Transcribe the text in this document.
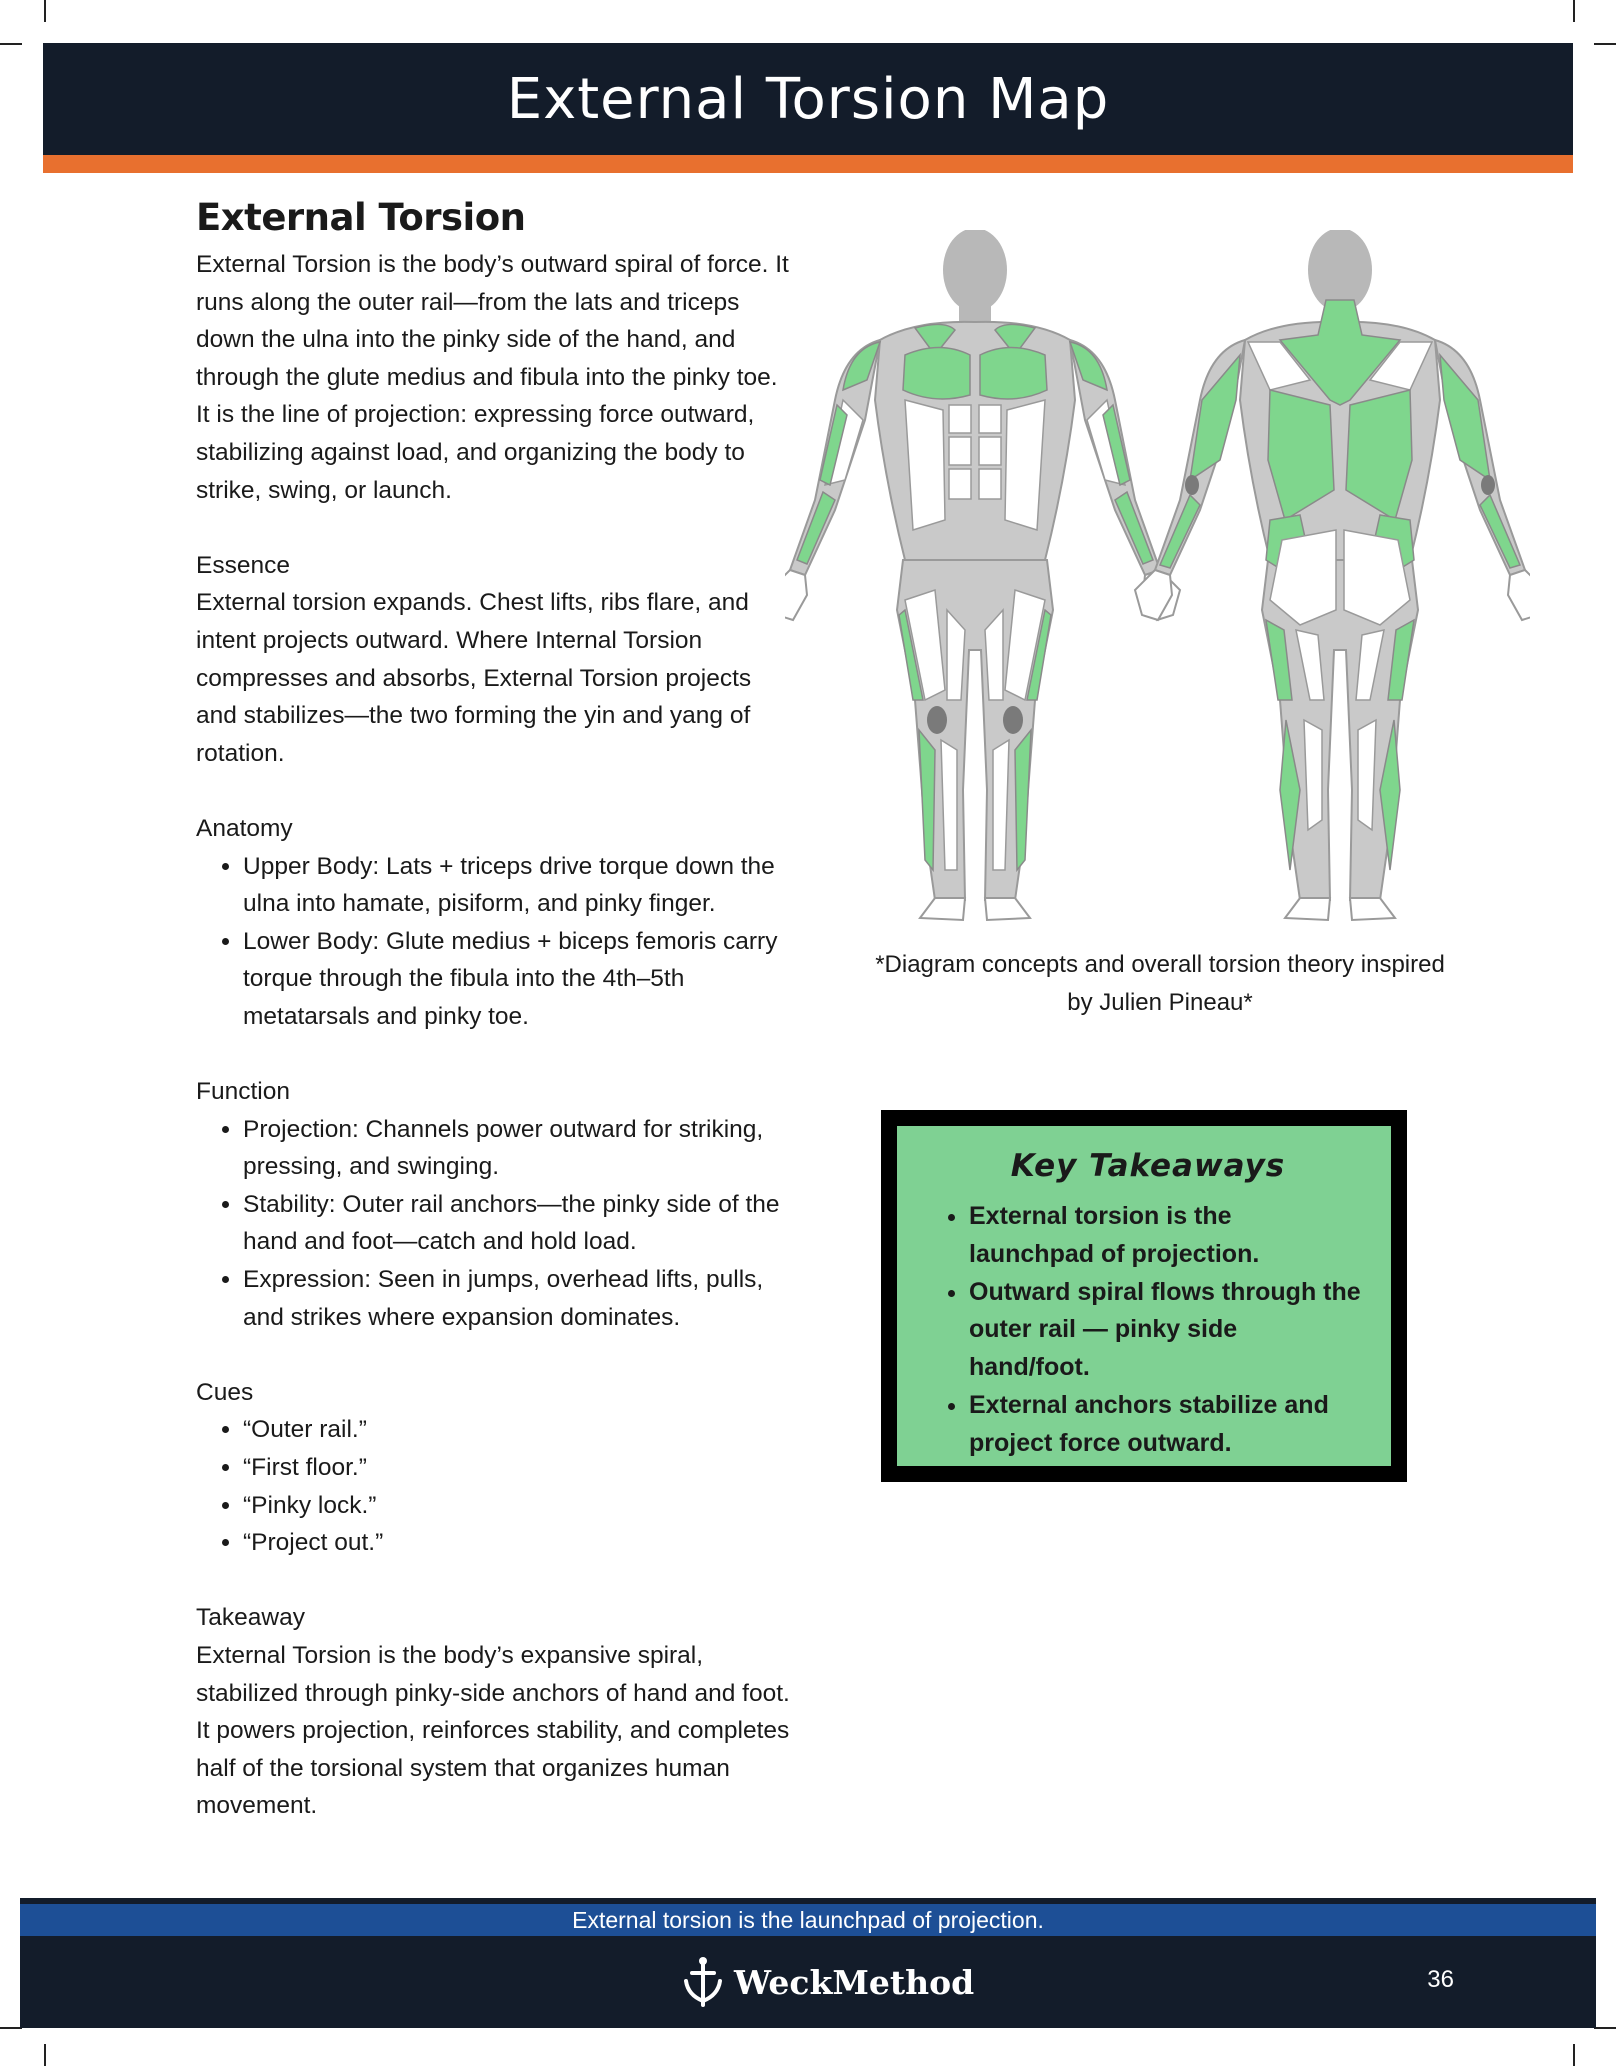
External Torsion Map
External Torsion

External Torsion is the body’s outward spiral of force. It runs along the outer rail—from the lats and triceps down the ulna into the pinky side of the hand, and through the glute medius and fibula into the pinky toe. It is the line of projection: expressing force outward, stabilizing against load, and organizing the body to strike, swing, or launch.

Essence

External torsion expands. Chest lifts, ribs flare, and intent projects outward. Where Internal Torsion compresses and absorbs, External Torsion projects and stabilizes—the two forming the yin and yang of rotation.

Anatomy

• Upper Body: Lats + triceps drive torque down the ulna into hamate, pisiform, and pinky finger.
• Lower Body: Glute medius + biceps femoris carry torque through the fibula into the 4th–5th metatarsals and pinky toe.

Function

• Projection: Channels power outward for striking, pressing, and swinging.
• Stability: Outer rail anchors—the pinky side of the hand and foot—catch and hold load.
• Expression: Seen in jumps, overhead lifts, pulls, and strikes where expansion dominates.

Cues

• “Outer rail.”
• “First floor.”
• “Pinky lock.”
• “Project out.”

Takeaway

External Torsion is the body’s expansive spiral, stabilized through pinky-side anchors of hand and foot. It powers projection, reinforces stability, and completes half of the torsional system that organizes human movement.

*Diagram concepts and overall torsion theory inspired by Julien Pineau*
Key Takeaways
• External torsion is the launchpad of projection.
• Outward spiral flows through the outer rail — pinky side hand/foot.
• External anchors stabilize and project force outward.
External torsion is the launchpad of projection.
WeckMethod	36
